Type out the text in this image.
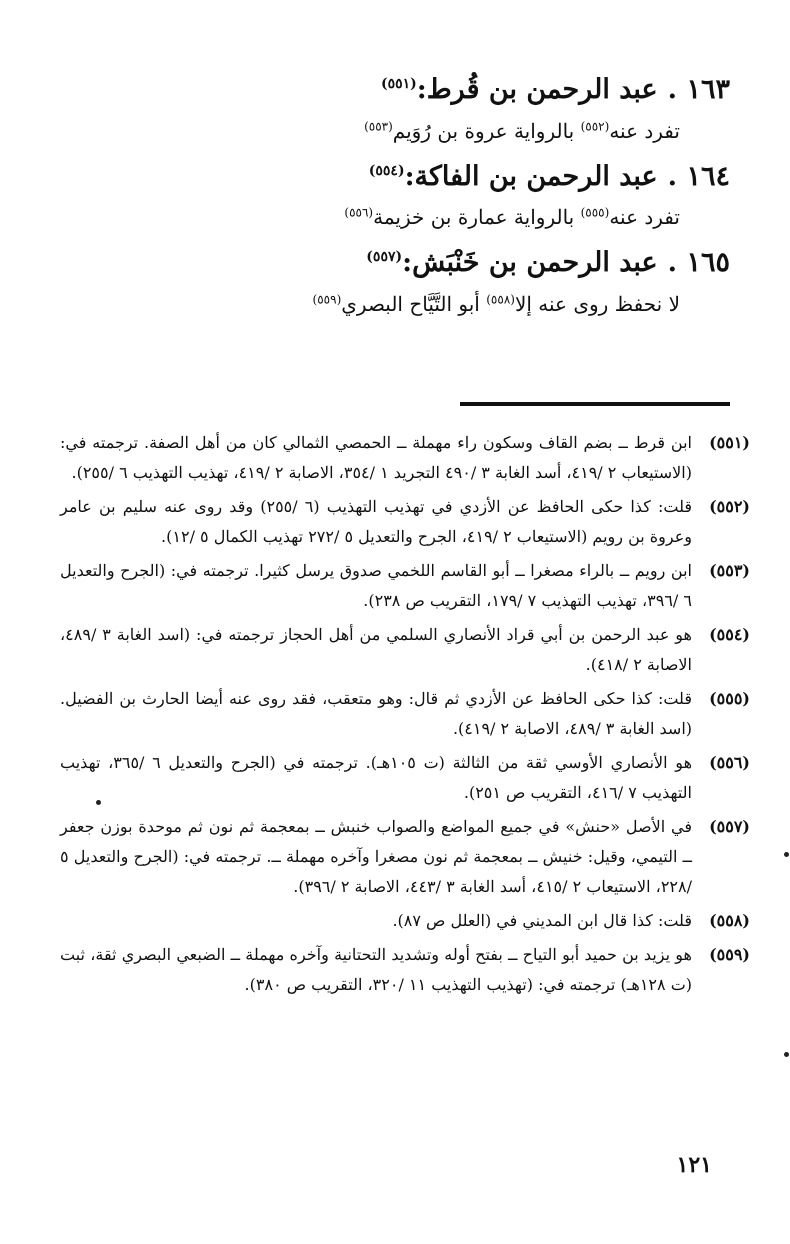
١٦٣ .عبد الرحمن بن قُرط:$^{(٥٥١)}$
تفرد عنه$^{(٥٥٢)}$ بالرواية عروة بن رُوَيم$^{(٥٥٣)}$
١٦٤ .عبد الرحمن بن الفاكة:$^{(٥٥٤)}$
تفرد عنه$^{(٥٥٥)}$ بالرواية عمارة بن خزيمة$^{(٥٥٦)}$
١٦٥ .عبد الرحمن بن خَنْبَش:$^{(٥٥٧)}$
لا نحفظ روى عنه إلا$^{(٥٥٨)}$ أبو التَّيَّاح البصري$^{(٥٥٩)}$
(٥٥١)
ابن قرط ــ بضم القاف وسكون راء مهملة ــ الحمصي الثمالي كان من أهل الصفة. ترجمته في: (الاستيعاب ٢ /٤١٩، أسد الغابة ٣ /٤٩٠ التجريد ١ /٣٥٤، الاصابة ٢ /٤١٩، تهذيب التهذيب ٦ /٢٥٥).
(٥٥٢)
قلت: كذا حكى الحافظ عن الأزدي في تهذيب التهذيب (٦ /٢٥٥) وقد روى عنه سليم بن عامر وعروة بن رويم (الاستيعاب ٢ /٤١٩، الجرح والتعديل ٥ /٢٧٢ تهذيب الكمال ٥ /١٢).
(٥٥٣)
ابن رويم ــ بالراء مصغرا ــ أبو القاسم اللخمي صدوق يرسل كثيرا. ترجمته في: (الجرح والتعديل ٦ /٣٩٦، تهذيب التهذيب ٧ /١٧٩، التقريب ص ٢٣٨).
(٥٥٤)
هو عبد الرحمن بن أبي قراد الأنصاري السلمي من أهل الحجاز ترجمته في: (اسد الغابة ٣ /٤٨٩، الاصابة ٢ /٤١٨).
(٥٥٥)
قلت: كذا حكى الحافظ عن الأزدي ثم قال: وهو متعقب، فقد روى عنه أيضا الحارث بن الفضيل. (اسد الغابة ٣ /٤٨٩، الاصابة ٢ /٤١٩).
(٥٥٦)
هو الأنصاري الأوسي ثقة من الثالثة (ت ١٠٥هـ). ترجمته في (الجرح والتعديل ٦ /٣٦٥، تهذيب التهذيب ٧ /٤١٦، التقريب ص ٢٥١).
(٥٥٧)
في الأصل «حنش» في جميع المواضع والصواب خنبش ــ بمعجمة ثم نون ثم موحدة بوزن جعفر ــ التيمي، وقيل: خنيش ــ بمعجمة ثم نون مصغرا وآخره مهملة ــ. ترجمته في: (الجرح والتعديل ٥ /٢٢٨، الاستيعاب ٢ /٤١٥، أسد الغابة ٣ /٤٤٣، الاصابة ٢ /٣٩٦).
(٥٥٨)
قلت: كذا قال ابن المديني في (العلل ص ٨٧).
(٥٥٩)
هو يزيد بن حميد أبو التياح ــ بفتح أوله وتشديد التحتانية وآخره مهملة ــ الضبعي البصري ثقة، ثبت (ت ١٢٨هـ) ترجمته في: (تهذيب التهذيب ١١ /٣٢٠، التقريب ص ٣٨٠).
١٢١
